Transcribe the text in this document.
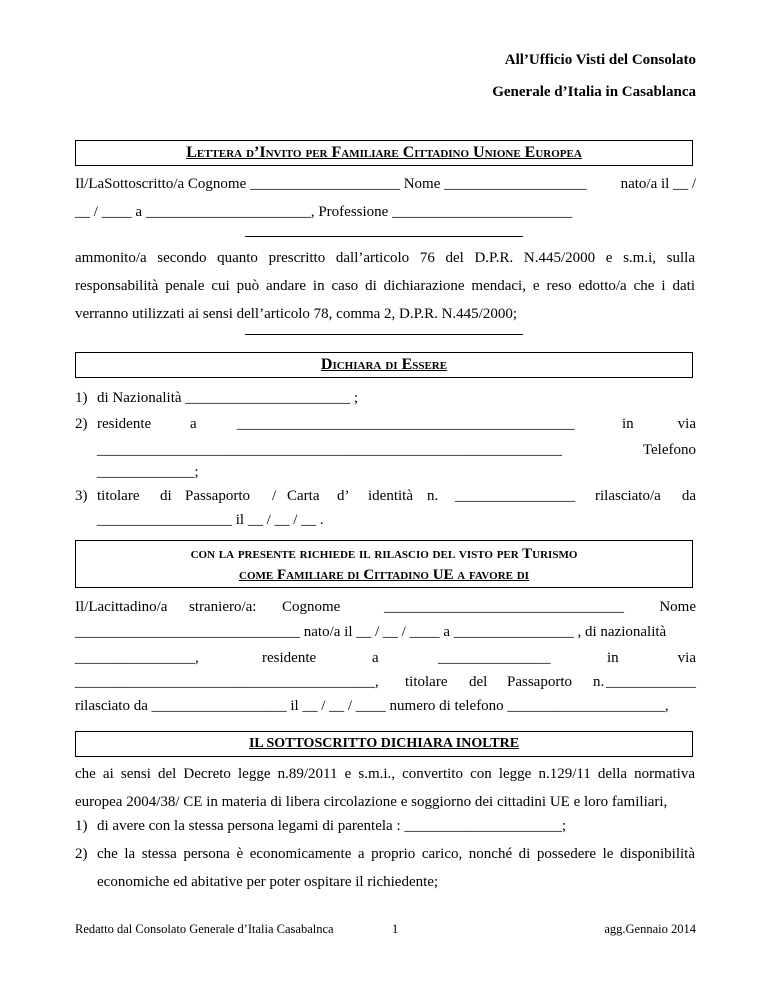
All’Ufficio Visti del Consolato
Generale d’Italia in Casablanca
Lettera d’Invito per Familiare Cittadino Unione Europea
Il/LaSottoscritto/a Cognome ____________________ Nome ___________________ nato/a il __ /
__ / ____ a ______________________, Professione ________________________
ammonito/a secondo quanto prescritto dall’articolo 76 del D.P.R. N.445/2000 e s.m.i, sulla responsabilità penale cui può andare in caso di dichiarazione mendaci, e reso edotto/a che i dati verranno utilizzati ai sensi dell’articolo 78, comma 2, D.P.R. N.445/2000;
Dichiara di Essere
1) di Nazionalità ______________________ ;
2) residente	a	_____________________________________________	in	via
______________________________________________________________	Telefono
_____________;
3) titolare di Passaporto / Carta d’ identità n. ________________ rilasciato/a da
__________________ il __ / __ / __ .
con la presente richiede il rilascio del visto per Turismo
come Familiare di Cittadino UE a favore di
Il/Lacittadino/a straniero/a: Cognome	________________________________ Nome
______________________________ nato/a il __ / __ / ____ a ________________ , di nazionalità
________________,	residente	a	_______________	in	via
________________________________________, titolare del Passaporto n. ____________
rilasciato da __________________ il __ / __ / ____ numero di telefono _____________________,
IL SOTTOSCRITTO DICHIARA INOLTRE
che ai sensi del Decreto legge n.89/2011 e s.m.i., convertito con legge n.129/11 della normativa europea 2004/38/ CE in materia di libera circolazione e soggiorno dei cittadini UE e loro familiari,
1) di avere con la stessa persona legami di parentela : _____________________;
2) che la stessa persona è economicamente a proprio carico, nonché di possedere le disponibilità economiche ed abitative per poter ospitare il richiedente;
Redatto dal Consolato Generale d’Italia Casabalnca	1	agg.Gennaio 2014
